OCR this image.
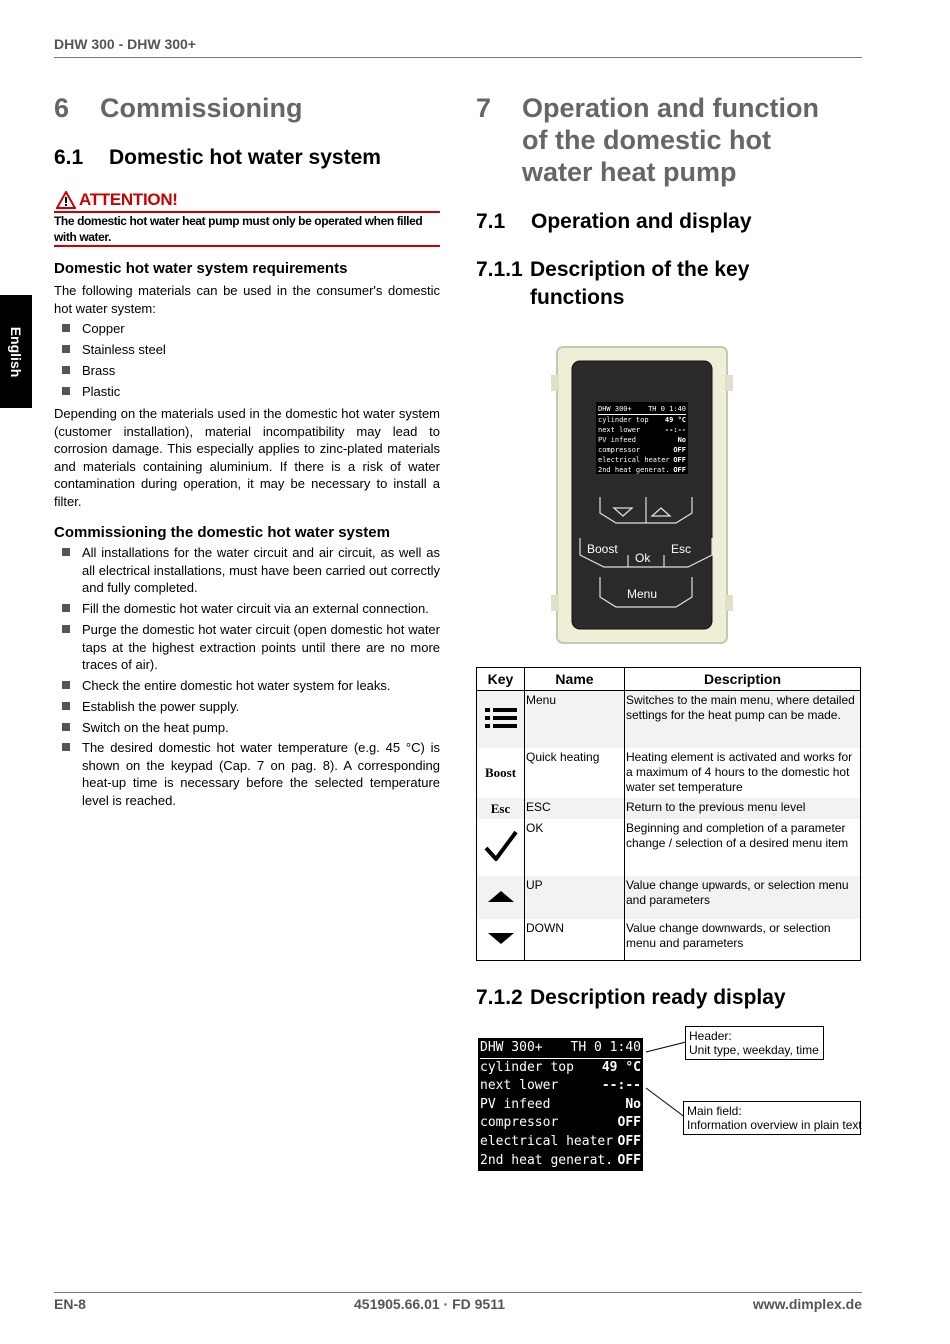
DHW 300 - DHW 300+
English
6 Commissioning
6.1 Domestic hot water system
ATTENTION!
The domestic hot water heat pump must only be operated when filled with water.
Domestic hot water system requirements
The following materials can be used in the consumer's domestic hot water system:
Copper
Stainless steel
Brass
Plastic
Depending on the materials used in the domestic hot water system (customer installation), material incompatibility may lead to corrosion damage. This especially applies to zinc-plated materials and materials containing aluminium. If there is a risk of water contamination during operation, it may be necessary to install a filter.
Commissioning the domestic hot water system
All installations for the water circuit and air circuit, as well as all electrical installations, must have been carried out correctly and fully completed.
Fill the domestic hot water circuit via an external connection.
Purge the domestic hot water circuit (open domestic hot water taps at the highest extraction points until there are no more traces of air).
Check the entire domestic hot water system for leaks.
Establish the power supply.
Switch on the heat pump.
The desired domestic hot water temperature (e.g. 45 °C) is shown on the keypad (Cap. 7 on pag. 8). A corresponding heat-up time is necessary before the selected temperature level is reached.
7 Operation and function
of the domestic hot
water heat pump
7.1 Operation and display
7.1.1 Description of the key
functions
DHW 300+ TH 0 1:40
cylinder top 49 °C
next lower	--:--
PV infeed	No
compressor	OFF
electrical heater OFF
2nd heat generat. OFF
Boost
Ok
Esc
Menu
Key	Name	Description
	Menu	Switches to the main menu, where detailed settings for the heat pump can be made.
Boost	Quick heating	Heating element is activated and works for a maximum of 4 hours to the domestic hot water set temperature
Esc	ESC	Return to the previous menu level
	OK	Beginning and completion of a parameter change / selection of a desired menu item
	UP	Value change upwards, or selection menu and parameters
	DOWN	Value change downwards, or selection menu and parameters
7.1.2 Description ready display
DHW 300+ TH 0 1:40
cylinder top 49 °C
next lower	--:--
PV infeed	No
compressor	OFF
electrical heater OFF
2nd heat generat. OFF
Header:
Unit type, weekday, time
Main field:
Information overview in plain text
EN-8	451905.66.01 · FD 9511	www.dimplex.de
